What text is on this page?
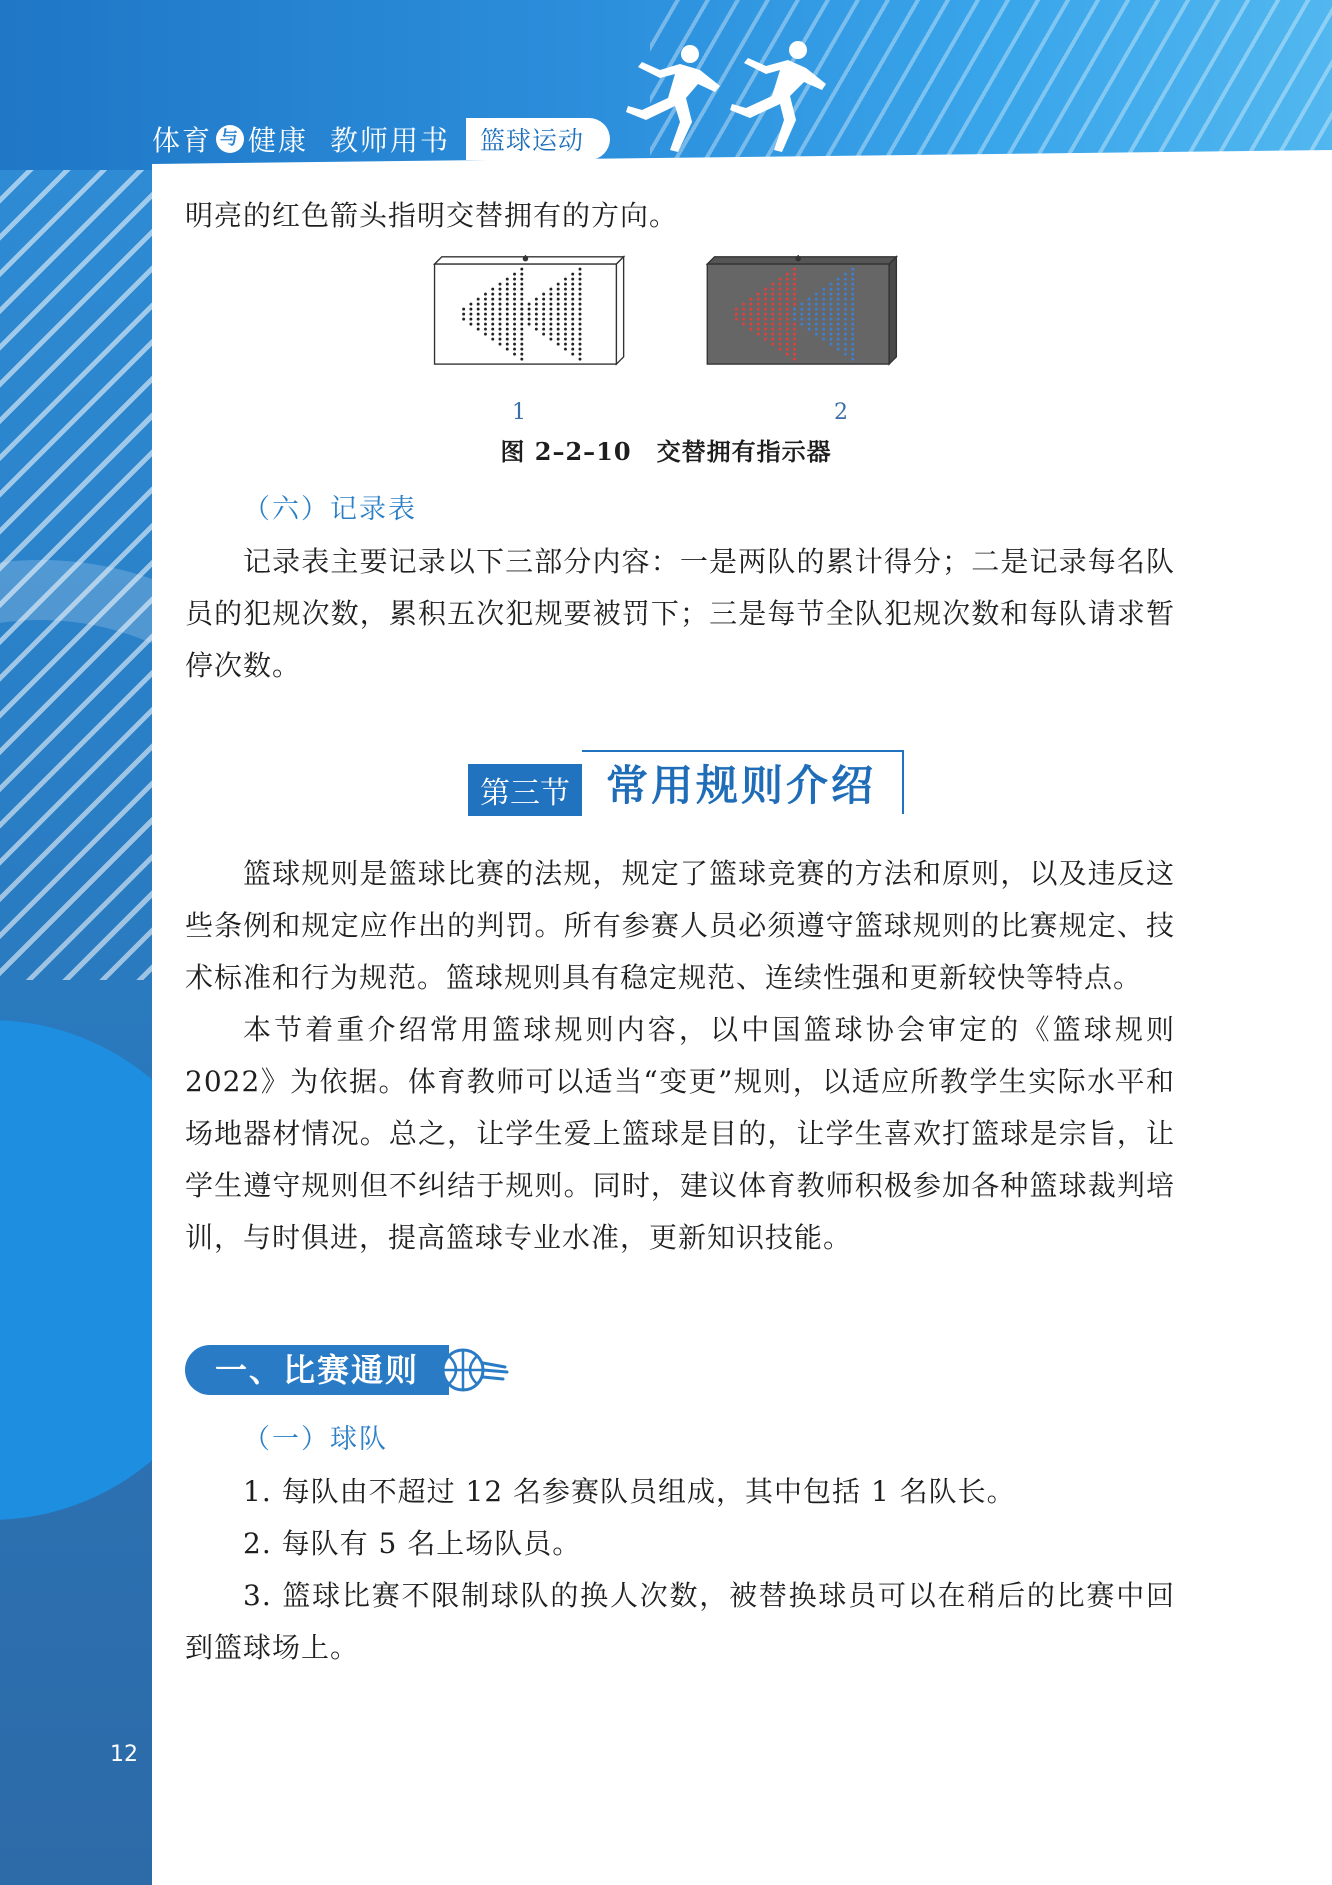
体育 与 健康 教师用书	篮球运动

明亮的红色箭头指明交替拥有的方向。

1	2
图 2–2–10　交替拥有指示器
（六）记录表

记录表主要记录以下三部分内容：一是两队的累计得分；二是记录每名队员的犯规次数，累积五次犯规要被罚下；三是每节全队犯规次数和每队请求暂停次数。

第三节 常用规则介绍

篮球规则是篮球比赛的法规，规定了篮球竞赛的方法和原则，以及违反这些条例和规定应作出的判罚。所有参赛人员必须遵守篮球规则的比赛规定、技术标准和行为规范。篮球规则具有稳定规范、连续性强和更新较快等特点。

本节着重介绍常用篮球规则内容，以中国篮球协会审定的《篮球规则2022》为依据。体育教师可以适当“变更”规则，以适应所教学生实际水平和场地器材情况。总之，让学生爱上篮球是目的，让学生喜欢打篮球是宗旨，让学生遵守规则但不纠结于规则。同时，建议体育教师积极参加各种篮球裁判培训，与时俱进，提高篮球专业水准，更新知识技能。

一、比赛通则
（一）球队

1. 每队由不超过 12 名参赛队员组成，其中包括 1 名队长。

2. 每队有 5 名上场队员。

3. 篮球比赛不限制球队的换人次数，被替换球员可以在稍后的比赛中回到篮球场上。

12
